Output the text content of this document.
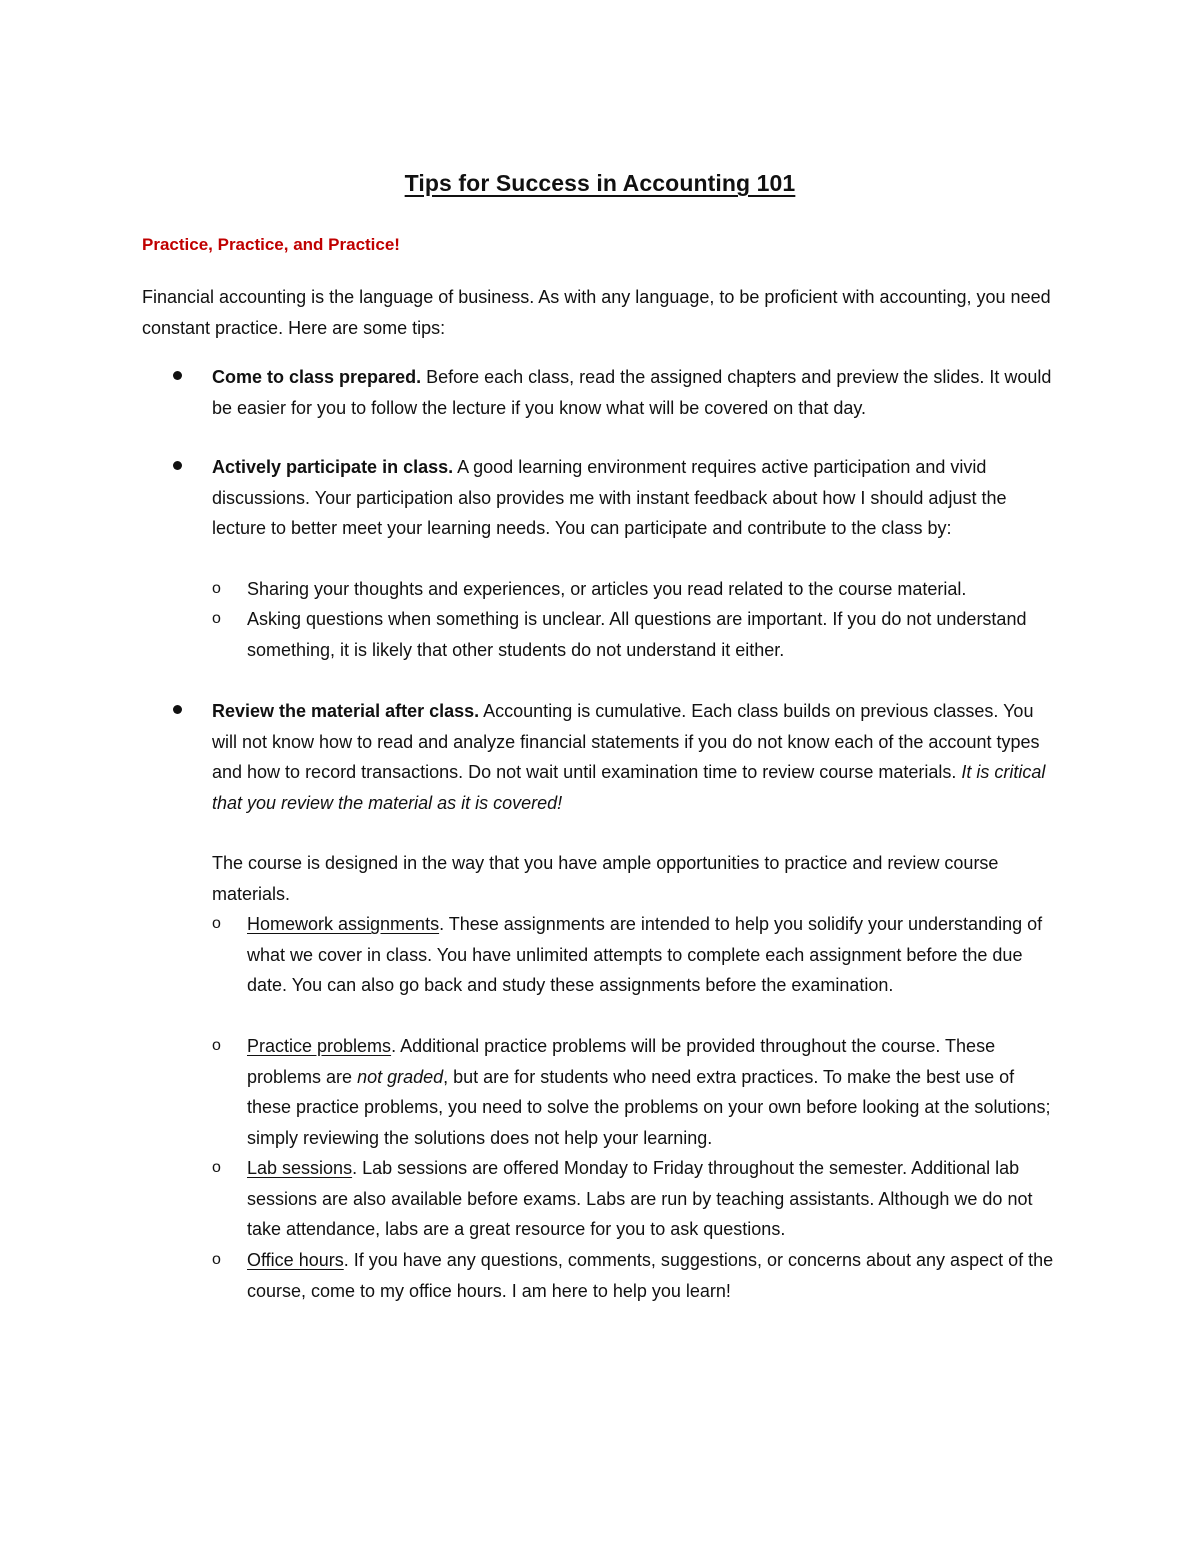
Tips for Success in Accounting 101
Practice, Practice, and Practice!
Financial accounting is the language of business. As with any language, to be proficient with accounting, you need constant practice. Here are some tips:
Come to class prepared. Before each class, read the assigned chapters and preview the slides. It would be easier for you to follow the lecture if you know what will be covered on that day.
Actively participate in class. A good learning environment requires active participation and vivid discussions. Your participation also provides me with instant feedback about how I should adjust the lecture to better meet your learning needs. You can participate and contribute to the class by:
o Sharing your thoughts and experiences, or articles you read related to the course material.
o Asking questions when something is unclear. All questions are important. If you do not understand something, it is likely that other students do not understand it either.
Review the material after class. Accounting is cumulative. Each class builds on previous classes. You will not know how to read and analyze financial statements if you do not know each of the account types and how to record transactions. Do not wait until examination time to review course materials. It is critical that you review the material as it is covered!
The course is designed in the way that you have ample opportunities to practice and review course materials.
o Homework assignments. These assignments are intended to help you solidify your understanding of what we cover in class. You have unlimited attempts to complete each assignment before the due date. You can also go back and study these assignments before the examination.
o Practice problems. Additional practice problems will be provided throughout the course. These problems are not graded, but are for students who need extra practices. To make the best use of these practice problems, you need to solve the problems on your own before looking at the solutions; simply reviewing the solutions does not help your learning.
o Lab sessions. Lab sessions are offered Monday to Friday throughout the semester. Additional lab sessions are also available before exams. Labs are run by teaching assistants. Although we do not take attendance, labs are a great resource for you to ask questions.
o Office hours. If you have any questions, comments, suggestions, or concerns about any aspect of the course, come to my office hours. I am here to help you learn!
